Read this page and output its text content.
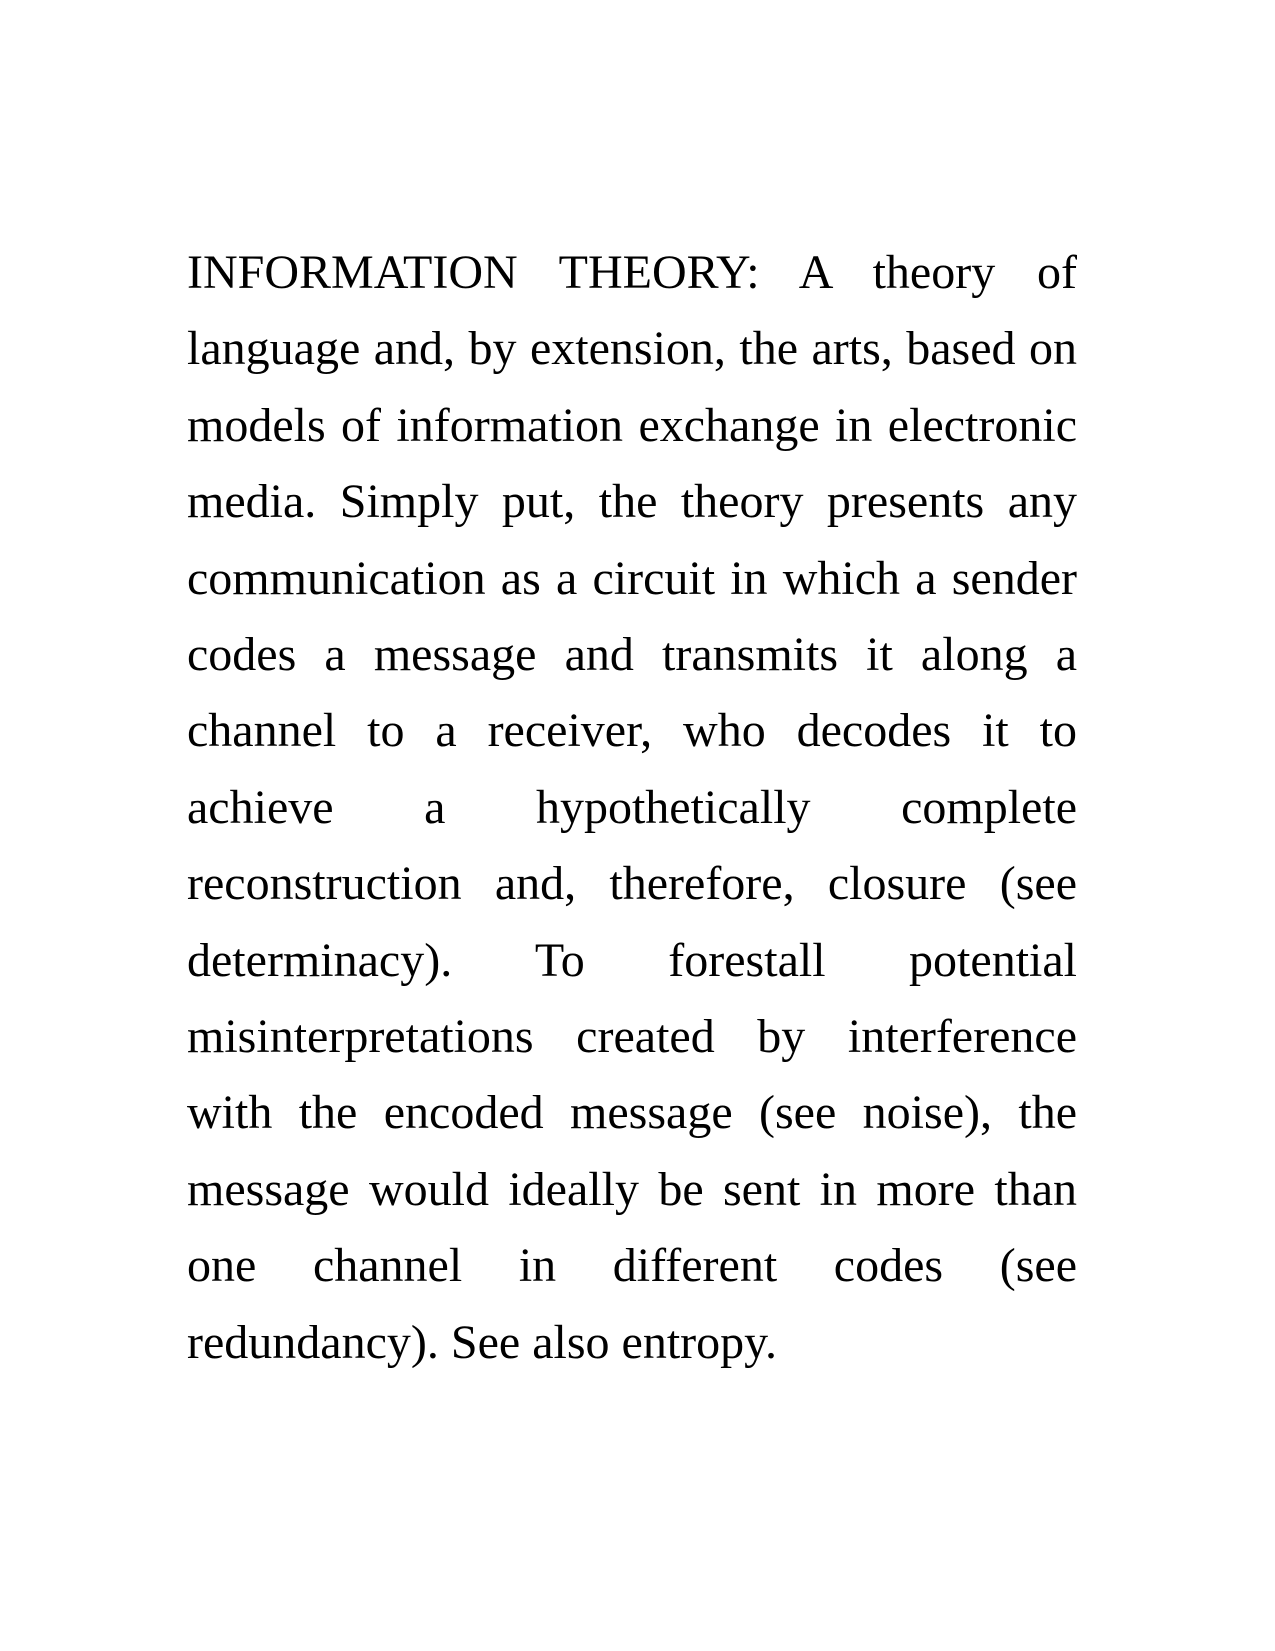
INFORMATION THEORY: A theory of language and, by extension, the arts, based on models of information exchange in electronic media. Simply put, the theory presents any communication as a circuit in which a sender codes a message and transmits it along a channel to a receiver, who decodes it to achieve a hypothetically complete reconstruction and, therefore, closure (see determinacy). To forestall potential misinterpretations created by interference with the encoded message (see noise), the message would ideally be sent in more than one channel in different codes (see redundancy). See also entropy.
